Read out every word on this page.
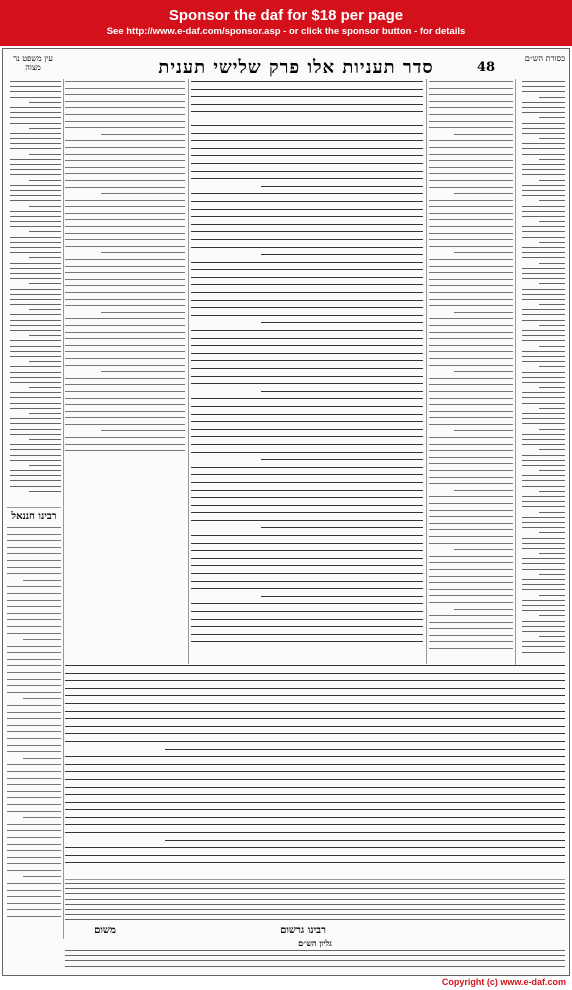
Sponsor the daf for $18 per page
See http://www.e-daf.com/sponsor.asp - or click the sponsor button - for details
עין משפט נר מצוה	48
סדר תעניות אלו פרק שלישי תענית	כסורת הש״ם
רבינו חננאל
משום	רבינו גרשום
גליון הש״ם
Copyright (c) www.e-daf.com
